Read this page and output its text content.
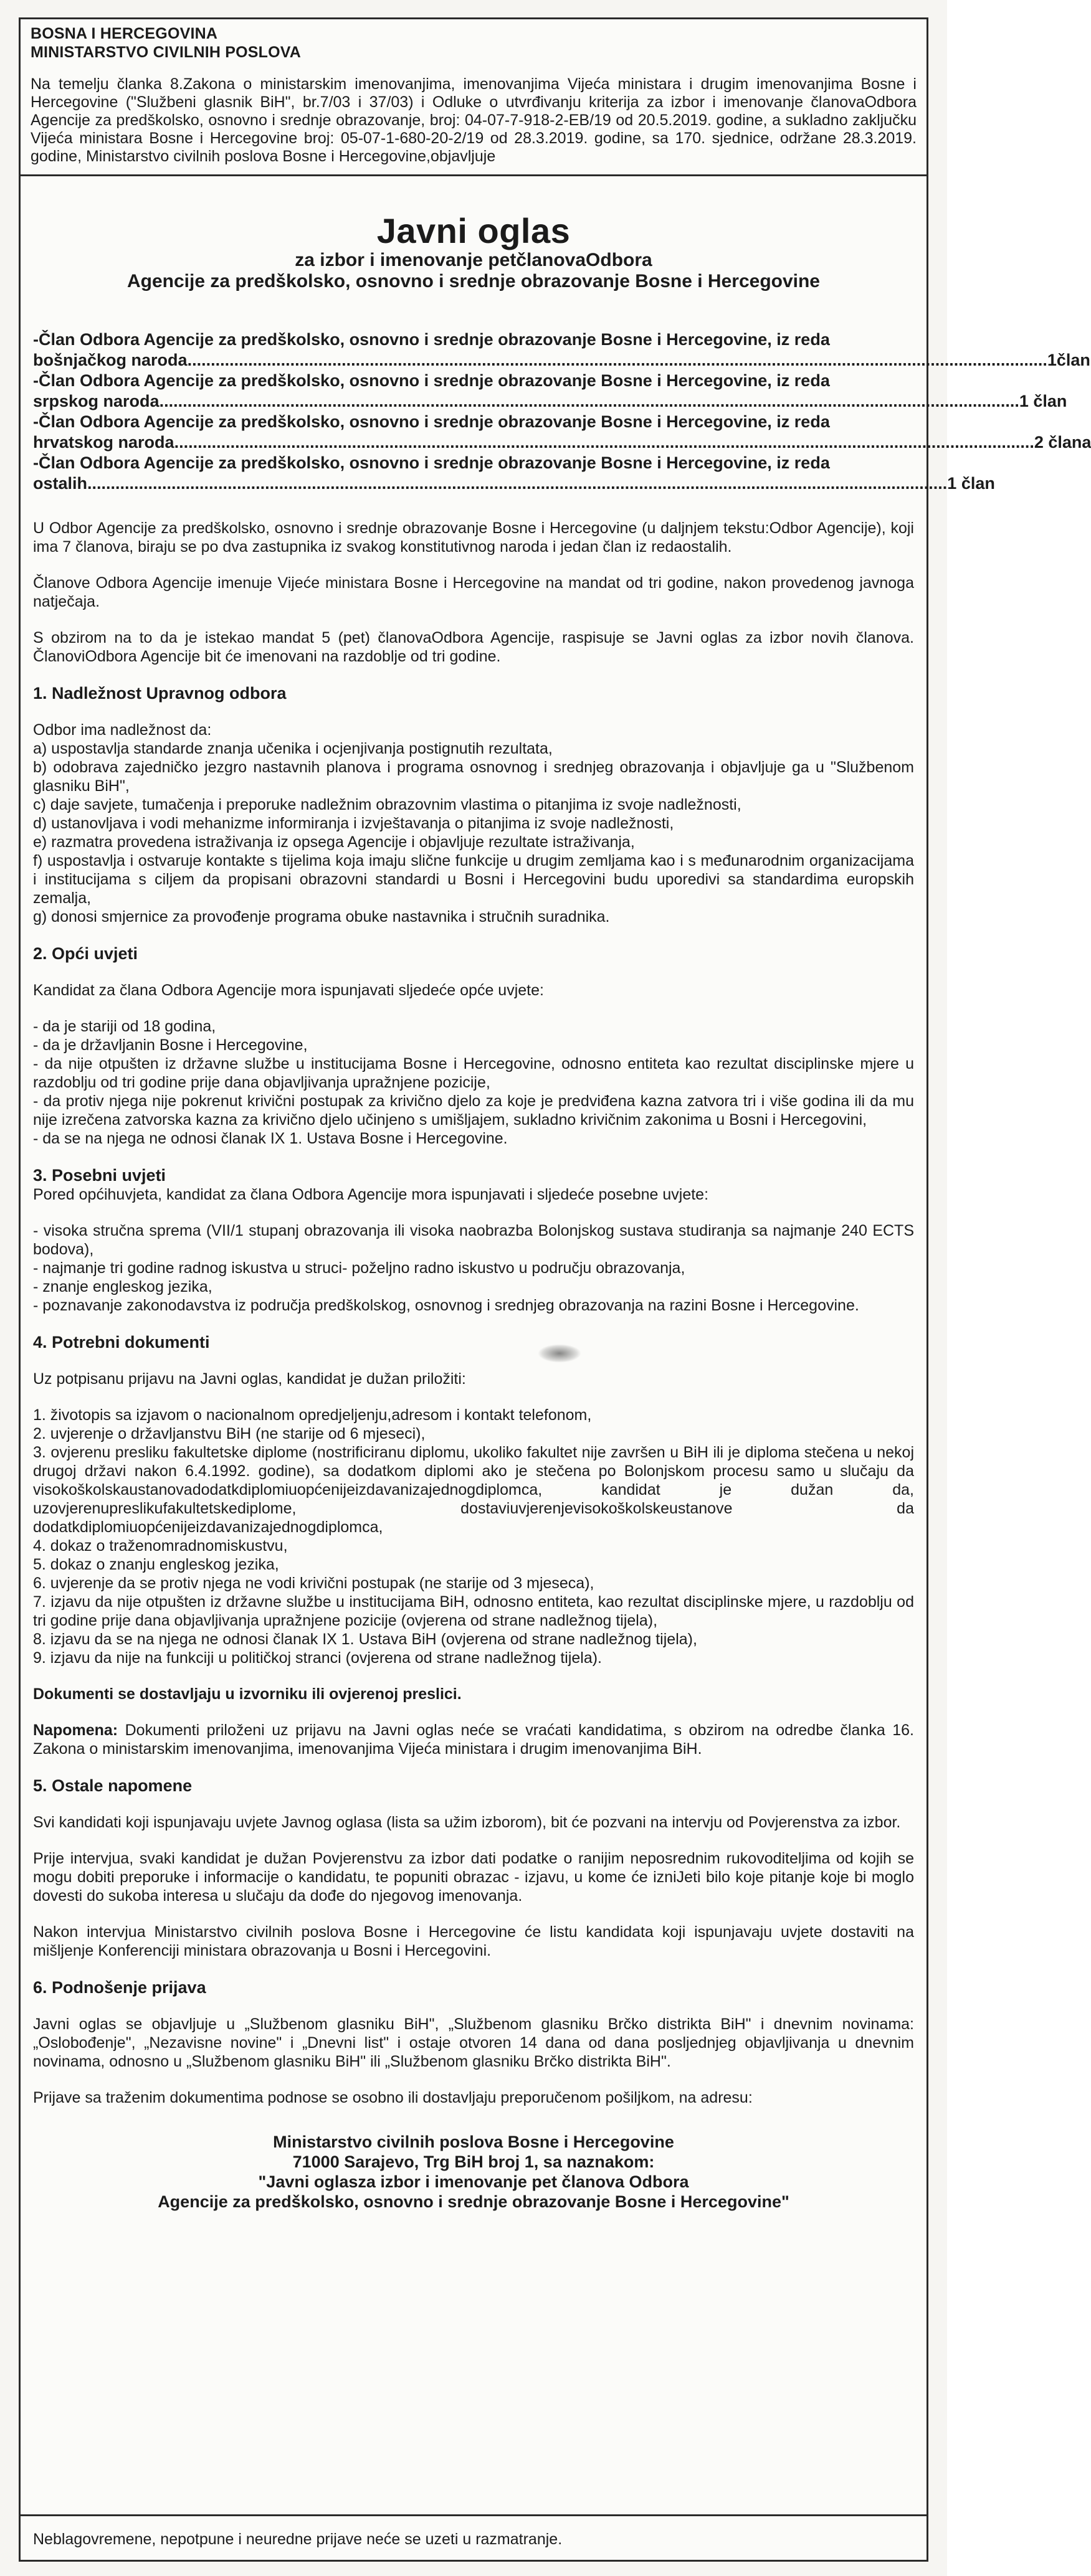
BOSNA I HERCEGOVINA
MINISTARSTVO CIVILNIH POSLOVA
Na temelju članka 8.Zakona o ministarskim imenovanjima, imenovanjima Vijeća ministara i drugim imenovanjima Bosne i Hercegovine ("Službeni glasnik BiH", br.7/03 i 37/03) i Odluke o utvrđivanju kriterija za izbor i imenovanje članovaOdbora Agencije za predškolsko, osnovno i srednje obrazovanje, broj: 04-07-7-918-2-EB/19 od 20.5.2019. godine, a sukladno zaključku Vijeća ministara Bosne i Hercegovine broj: 05-07-1-680-20-2/19 od 28.3.2019. godine, sa 170. sjednice, održane 28.3.2019. godine, Ministarstvo civilnih poslova Bosne i Hercegovine,objavljuje
Javni oglas
za izbor i imenovanje petčlanovaOdbora
Agencije za predškolsko, osnovno i srednje obrazovanje Bosne i Hercegovine
-Član Odbora Agencije za predškolsko, osnovno i srednje obrazovanje Bosne i Hercegovine, iz reda
bošnjačkog naroda........................................................................................................................................................................................ 1član
-Član Odbora Agencije za predškolsko, osnovno i srednje obrazovanje Bosne i Hercegovine, iz reda
srpskog naroda........................................................................................................................................................................................ 1 član
-Član Odbora Agencije za predškolsko, osnovno i srednje obrazovanje Bosne i Hercegovine, iz reda
hrvatskog naroda........................................................................................................................................................................................ 2 člana
-Član Odbora Agencije za predškolsko, osnovno i srednje obrazovanje Bosne i Hercegovine, iz reda
ostalih........................................................................................................................................................................................ 1 član

U Odbor Agencije za predškolsko, osnovno i srednje obrazovanje Bosne i Hercegovine (u daljnjem tekstu:Odbor Agencije), koji ima 7 članova, biraju se po dva zastupnika iz svakog konstitutivnog naroda i jedan član iz redaostalih.

Članove Odbora Agencije imenuje Vijeće ministara Bosne i Hercegovine na mandat od tri godine, nakon provedenog javnoga natječaja.

S obzirom na to da je istekao mandat 5 (pet) članovaOdbora Agencije, raspisuje se Javni oglas za izbor novih članova. ČlanoviOdbora Agencije bit će imenovani na razdoblje od tri godine.

1. Nadležnost Upravnog odbora
Odbor ima nadležnost da:
a) uspostavlja standarde znanja učenika i ocjenjivanja postignutih rezultata,
b) odobrava zajedničko jezgro nastavnih planova i programa osnovnog i srednjeg obrazovanja i objavljuje ga u "Službenom glasniku BiH",
c) daje savjete, tumačenja i preporuke nadležnim obrazovnim vlastima o pitanjima iz svoje nadležnosti,
d) ustanovljava i vodi mehanizme informiranja i izvještavanja o pitanjima iz svoje nadležnosti,
e) razmatra provedena istraživanja iz opsega Agencije i objavljuje rezultate istraživanja,
f) uspostavlja i ostvaruje kontakte s tijelima koja imaju slične funkcije u drugim zemljama kao i s međunarodnim organizacijama i institucijama s ciljem da propisani obrazovni standardi u Bosni i Hercegovini budu uporedivi sa standardima europskih zemalja,
g) donosi smjernice za provođenje programa obuke nastavnika i stručnih suradnika.
2. Opći uvjeti
Kandidat za člana Odbora Agencije mora ispunjavati sljedeće opće uvjete:
- da je stariji od 18 godina,
- da je državljanin Bosne i Hercegovine,
- da nije otpušten iz državne službe u institucijama Bosne i Hercegovine, odnosno entiteta kao rezultat disciplinske mjere u razdoblju od tri godine prije dana objavljivanja upražnjene pozicije,
- da protiv njega nije pokrenut krivični postupak za krivično djelo za koje je predviđena kazna zatvora tri i više godina ili da mu nije izrečena zatvorska kazna za krivično djelo učinjeno s umišljajem, sukladno krivičnim zakonima u Bosni i Hercegovini,
- da se na njega ne odnosi članak IX 1. Ustava Bosne i Hercegovine.
3. Posebni uvjeti
Pored općihuvjeta, kandidat za člana Odbora Agencije mora ispunjavati i sljedeće posebne uvjete:
- visoka stručna sprema (VII/1 stupanj obrazovanja ili visoka naobrazba Bolonjskog sustava studiranja sa najmanje 240 ECTS bodova),
- najmanje tri godine radnog iskustva u struci- poželjno radno iskustvo u području obrazovanja,
- znanje engleskog jezika,
- poznavanje zakonodavstva iz područja predškolskog, osnovnog i srednjeg obrazovanja na razini Bosne i Hercegovine.
4. Potrebni dokumenti
Uz potpisanu prijavu na Javni oglas, kandidat je dužan priložiti:
1. životopis sa izjavom o nacionalnom opredjeljenju,adresom i kontakt telefonom,
2. uvjerenje o državljanstvu BiH (ne starije od 6 mjeseci),
3. ovjerenu presliku fakultetske diplome (nostrificiranu diplomu, ukoliko fakultet nije završen u BiH ili je diploma stečena u nekoj drugoj državi nakon 6.4.1992. godine), sa dodatkom diplomi ako je stečena po Bolonjskom procesu samo u slučaju da visokoškolskaustanovadodatkdiplomiuopćenijeizdavanizajednogdiplomca, kandidat je dužan da, uzovjerenupreslikufakultetskediplome, dostaviuvjerenjevisokoškolskeustanove da dodatkdiplomiuopćenijeizdavanizajednogdiplomca,
4. dokaz o traženomradnomiskustvu,
5. dokaz o znanju engleskog jezika,
6. uvjerenje da se protiv njega ne vodi krivični postupak (ne starije od 3 mjeseca),
7. izjavu da nije otpušten iz državne službe u institucijama BiH, odnosno entiteta, kao rezultat disciplinske mjere, u razdoblju od tri godine prije dana objavljivanja upražnjene pozicije (ovjerena od strane nadležnog tijela),
8. izjavu da se na njega ne odnosi članak IX 1. Ustava BiH (ovjerena od strane nadležnog tijela),
9. izjavu da nije na funkciji u političkoj stranci (ovjerena od strane nadležnog tijela).
Dokumenti se dostavljaju u izvorniku ili ovjerenoj preslici.

Napomena: Dokumenti priloženi uz prijavu na Javni oglas neće se vraćati kandidatima, s obzirom na odredbe članka 16. Zakona o ministarskim imenovanjima, imenovanjima Vijeća ministara i drugim imenovanjima BiH.

5. Ostale napomene

Svi kandidati koji ispunjavaju uvjete Javnog oglasa (lista sa užim izborom), bit će pozvani na intervju od Povjerenstva za izbor.

Prije intervjua, svaki kandidat je dužan Povjerenstvu za izbor dati podatke o ranijim neposrednim rukovoditeljima od kojih se mogu dobiti preporuke i informacije o kandidatu, te popuniti obrazac - izjavu, u kome će izniJeti bilo koje pitanje koje bi moglo dovesti do sukoba interesa u slučaju da dođe do njegovog imenovanja.

Nakon intervjua Ministarstvo civilnih poslova Bosne i Hercegovine će listu kandidata koji ispunjavaju uvjete dostaviti na mišljenje Konferenciji ministara obrazovanja u Bosni i Hercegovini.

6. Podnošenje prijava

Javni oglas se objavljuje u „Službenom glasniku BiH", „Službenom glasniku Brčko distrikta BiH" i dnevnim novinama: „Oslobođenje", „Nezavisne novine" i „Dnevni list" i ostaje otvoren 14 dana od dana posljednjeg objavljivanja u dnevnim novinama, odnosno u „Službenom glasniku BiH" ili „Službenom glasniku Brčko distrikta BiH".

Prijave sa traženim dokumentima podnose se osobno ili dostavljaju preporučenom pošiljkom, na adresu:

Ministarstvo civilnih poslova Bosne i Hercegovine
71000 Sarajevo, Trg BiH broj 1, sa naznakom:
"Javni oglasza izbor i imenovanje pet članova Odbora
Agencije za predškolsko, osnovno i srednje obrazovanje Bosne i Hercegovine"
Neblagovremene, nepotpune i neuredne prijave neće se uzeti u razmatranje.
